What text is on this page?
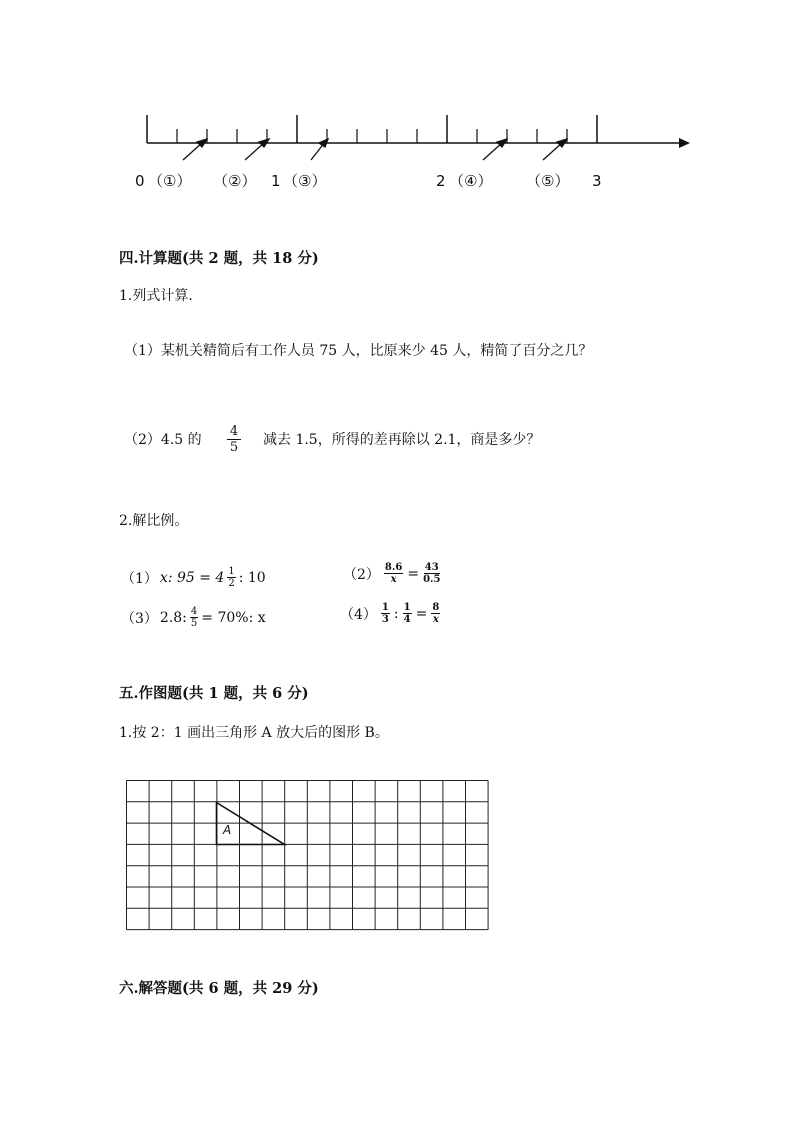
0 （①） （②） 1 （③）	2 （④） （⑤） 3
四.计算题(共 2 题，共 18 分)
1.列式计算.
（1）某机关精简后有工作人员 75 人，比原来少 45 人，精简了百分之几？
（2）4.5 的 $\frac{4}{5}$ 减去 1.5，所得的差再除以 2.1，商是多少？
2.解比例。
（1） x: $95 = 4 \frac{1}{2}$ : 10	$(2) \frac{8.6}{x} = \frac{43}{0.5}$
（3） 2.8: $\frac{4}{5} = 70\%$: x	$(4) \frac{1}{3}$ : $\frac{1}{4} = \frac{8}{x}$
五.作图题(共 1 题，共 6 分)
1.按 2：1 画出三角形 A 放大后的图形 B。
A
六.解答题(共 6 题，共 29 分)
